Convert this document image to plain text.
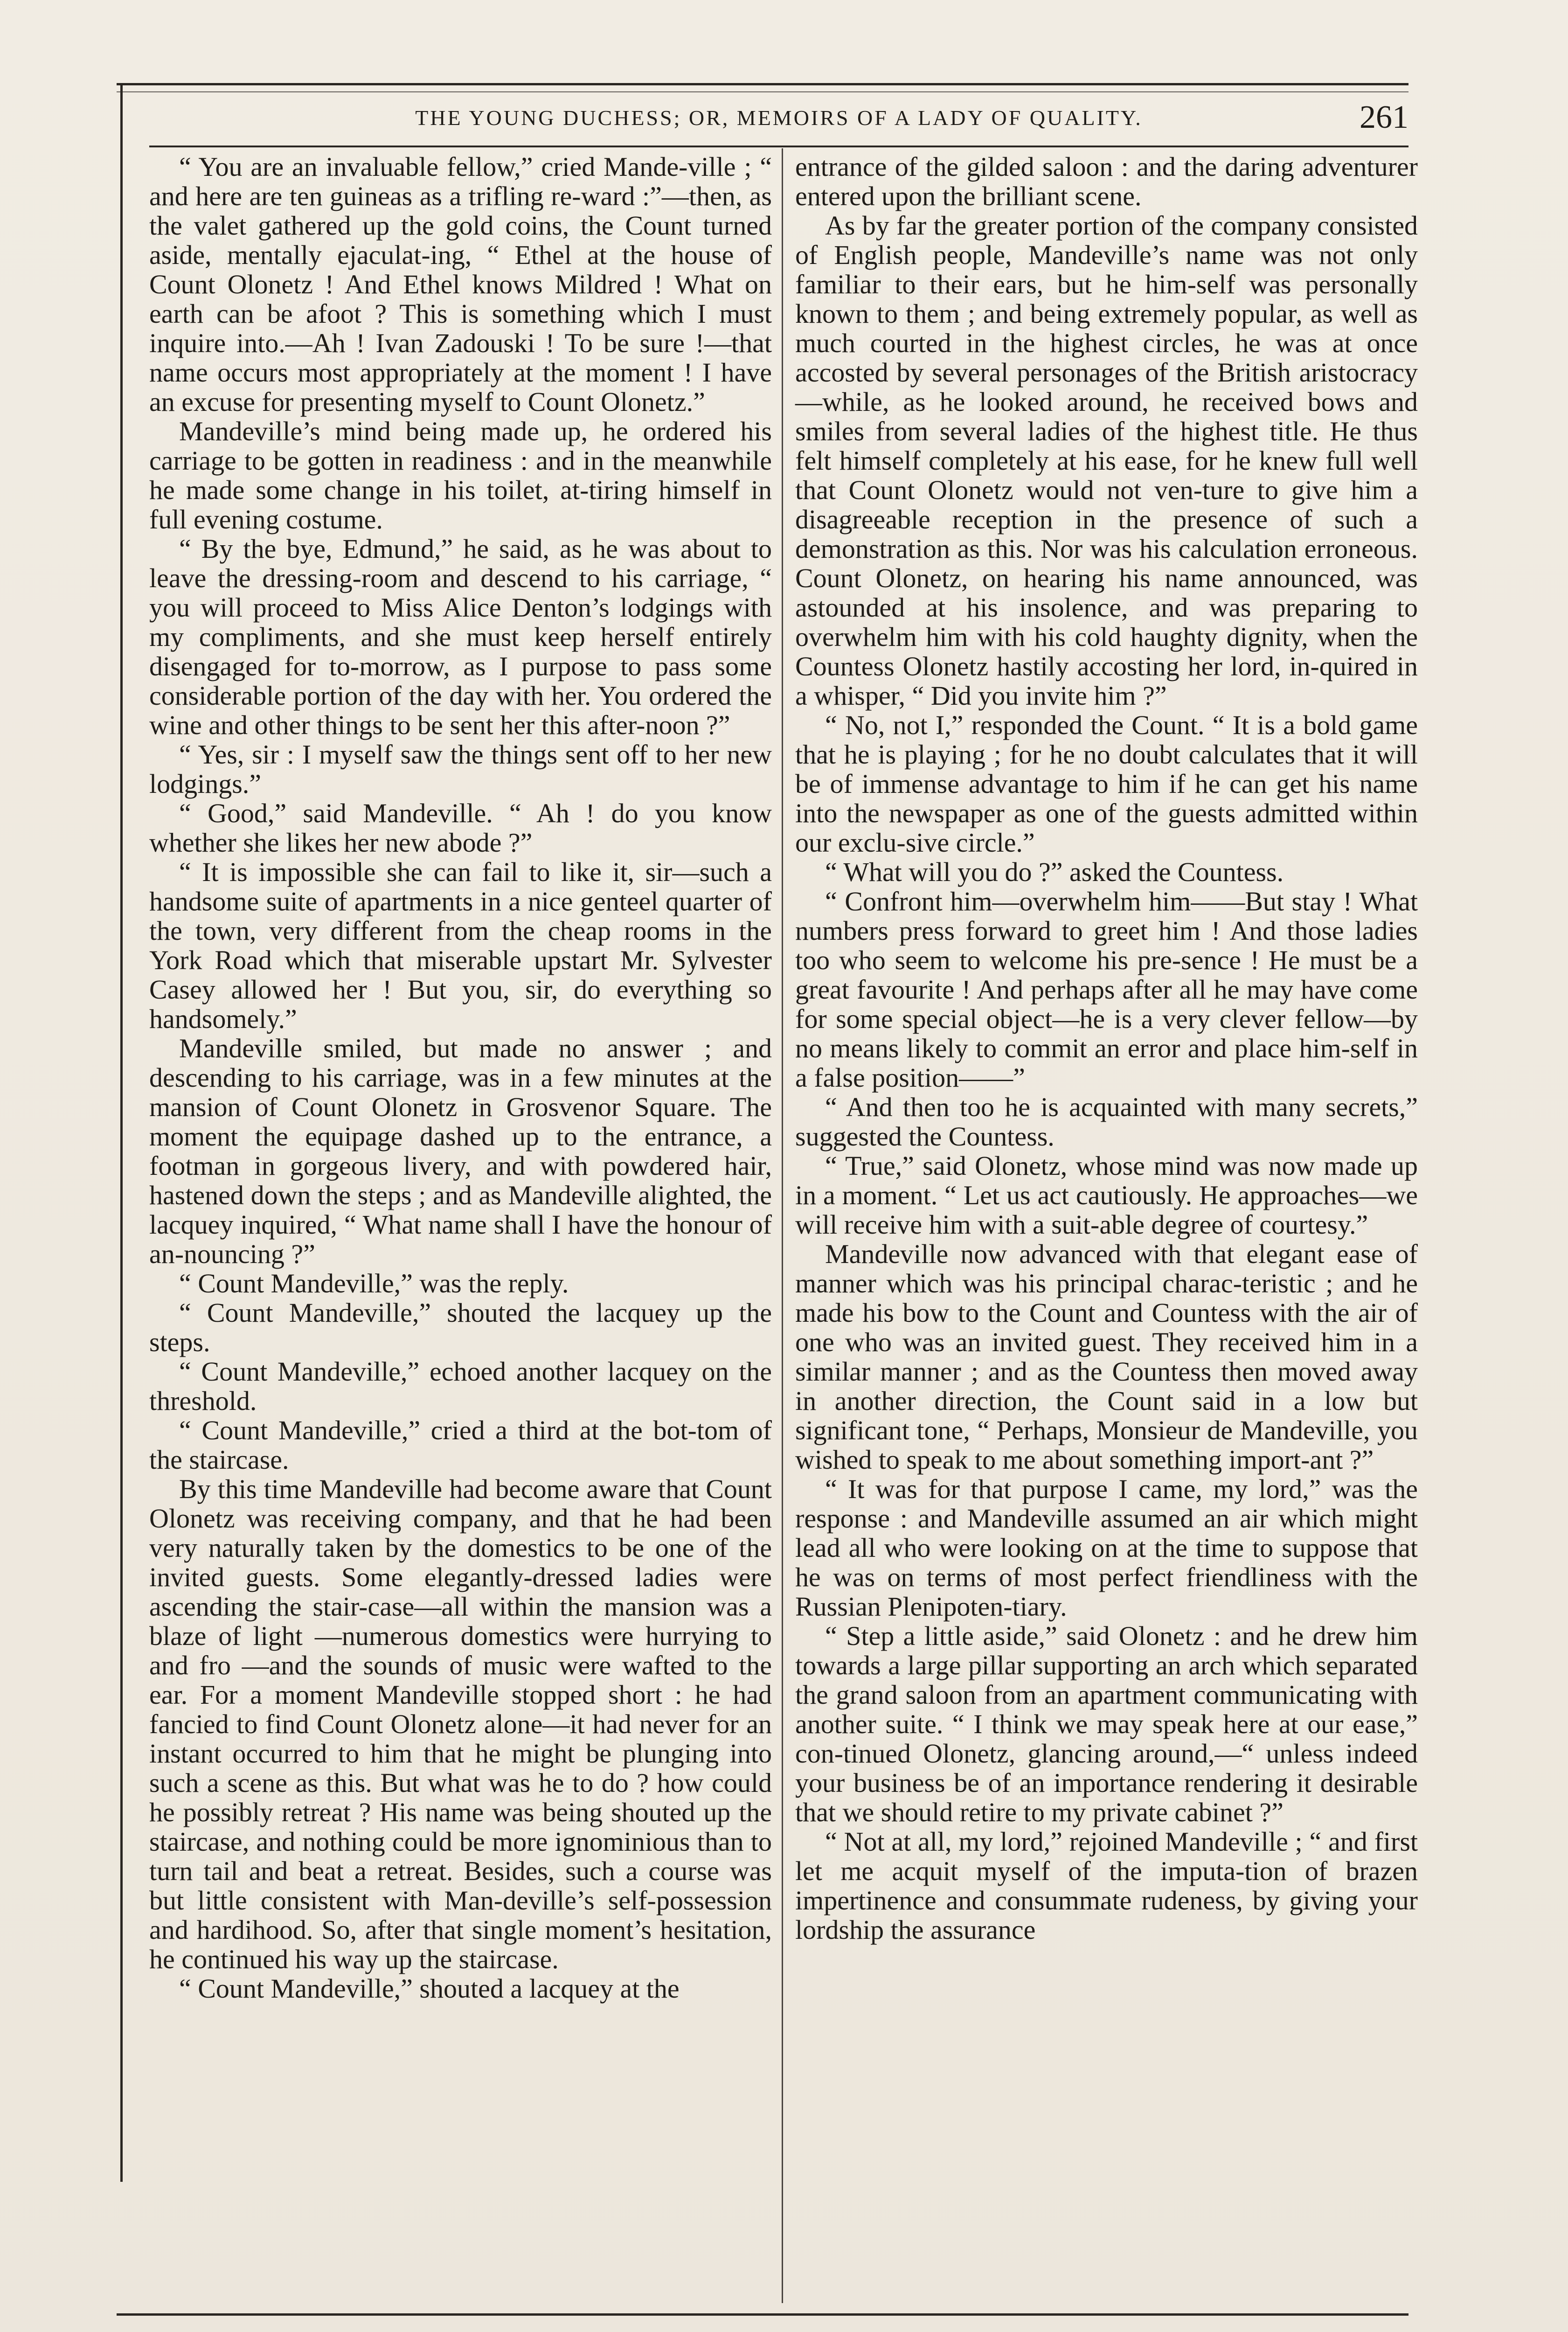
THE YOUNG DUCHESS; OR, MEMOIRS OF A LADY OF QUALITY.	261

“ You are an invaluable fellow,” cried Mande-ville ; “ and here are ten guineas as a trifling re-ward :”—then, as the valet gathered up the gold coins, the Count turned aside, mentally ejaculat-ing, “ Ethel at the house of Count Olonetz ! And Ethel knows Mildred ! What on earth can be afoot ? This is something which I must inquire into.—Ah ! Ivan Zadouski ! To be sure !—that name occurs most appropriately at the moment ! I have an excuse for presenting myself to Count Olonetz.”

Mandeville’s mind being made up, he ordered his carriage to be gotten in readiness : and in the meanwhile he made some change in his toilet, at-tiring himself in full evening costume.

“ By the bye, Edmund,” he said, as he was about to leave the dressing-room and descend to his carriage, “ you will proceed to Miss Alice Denton’s lodgings with my compliments, and she must keep herself entirely disengaged for to-morrow, as I purpose to pass some considerable portion of the day with her. You ordered the wine and other things to be sent her this after-noon ?”

“ Yes, sir : I myself saw the things sent off to her new lodgings.”

“ Good,” said Mandeville. “ Ah ! do you know whether she likes her new abode ?”

“ It is impossible she can fail to like it, sir—such a handsome suite of apartments in a nice genteel quarter of the town, very different from the cheap rooms in the York Road which that miserable upstart Mr. Sylvester Casey allowed her ! But you, sir, do everything so handsomely.”

Mandeville smiled, but made no answer ; and descending to his carriage, was in a few minutes at the mansion of Count Olonetz in Grosvenor Square. The moment the equipage dashed up to the entrance, a footman in gorgeous livery, and with powdered hair, hastened down the steps ; and as Mandeville alighted, the lacquey inquired, “ What name shall I have the honour of an-nouncing ?”

“ Count Mandeville,” was the reply.

“ Count Mandeville,” shouted the lacquey up the steps.

“ Count Mandeville,” echoed another lacquey on the threshold.

“ Count Mandeville,” cried a third at the bot-tom of the staircase.

By this time Mandeville had become aware that Count Olonetz was receiving company, and that he had been very naturally taken by the domestics to be one of the invited guests. Some elegantly-dressed ladies were ascending the stair-case—all within the mansion was a blaze of light —numerous domestics were hurrying to and fro —and the sounds of music were wafted to the ear. For a moment Mandeville stopped short : he had fancied to find Count Olonetz alone—it had never for an instant occurred to him that he might be plunging into such a scene as this. But what was he to do ? how could he possibly retreat ? His name was being shouted up the staircase, and nothing could be more ignominious than to turn tail and beat a retreat. Besides, such a course was but little consistent with Man-deville’s self-possession and hardihood. So, after that single moment’s hesitation, he continued his way up the staircase.

“ Count Mandeville,” shouted a lacquey at the

entrance of the gilded saloon : and the daring adventurer entered upon the brilliant scene.

As by far the greater portion of the company consisted of English people, Mandeville’s name was not only familiar to their ears, but he him-self was personally known to them ; and being extremely popular, as well as much courted in the highest circles, he was at once accosted by several personages of the British aristocracy—while, as he looked around, he received bows and smiles from several ladies of the highest title. He thus felt himself completely at his ease, for he knew full well that Count Olonetz would not ven-ture to give him a disagreeable reception in the presence of such a demonstration as this. Nor was his calculation erroneous. Count Olonetz, on hearing his name announced, was astounded at his insolence, and was preparing to overwhelm him with his cold haughty dignity, when the Countess Olonetz hastily accosting her lord, in-quired in a whisper, “ Did you invite him ?”

“ No, not I,” responded the Count. “ It is a bold game that he is playing ; for he no doubt calculates that it will be of immense advantage to him if he can get his name into the newspaper as one of the guests admitted within our exclu-sive circle.”

“ What will you do ?” asked the Countess.

“ Confront him—overwhelm him——But stay ! What numbers press forward to greet him ! And those ladies too who seem to welcome his pre-sence ! He must be a great favourite ! And perhaps after all he may have come for some special object—he is a very clever fellow—by no means likely to commit an error and place him-self in a false position——”

“ And then too he is acquainted with many secrets,” suggested the Countess.

“ True,” said Olonetz, whose mind was now made up in a moment. “ Let us act cautiously. He approaches—we will receive him with a suit-able degree of courtesy.”

Mandeville now advanced with that elegant ease of manner which was his principal charac-teristic ; and he made his bow to the Count and Countess with the air of one who was an invited guest. They received him in a similar manner ; and as the Countess then moved away in another direction, the Count said in a low but significant tone, “ Perhaps, Monsieur de Mandeville, you wished to speak to me about something import-ant ?”

“ It was for that purpose I came, my lord,” was the response : and Mandeville assumed an air which might lead all who were looking on at the time to suppose that he was on terms of most perfect friendliness with the Russian Plenipoten-tiary.

“ Step a little aside,” said Olonetz : and he drew him towards a large pillar supporting an arch which separated the grand saloon from an apartment communicating with another suite. “ I think we may speak here at our ease,” con-tinued Olonetz, glancing around,—“ unless indeed your business be of an importance rendering it desirable that we should retire to my private cabinet ?”

“ Not at all, my lord,” rejoined Mandeville ; “ and first let me acquit myself of the imputa-tion of brazen impertinence and consummate rudeness, by giving your lordship the assurance
